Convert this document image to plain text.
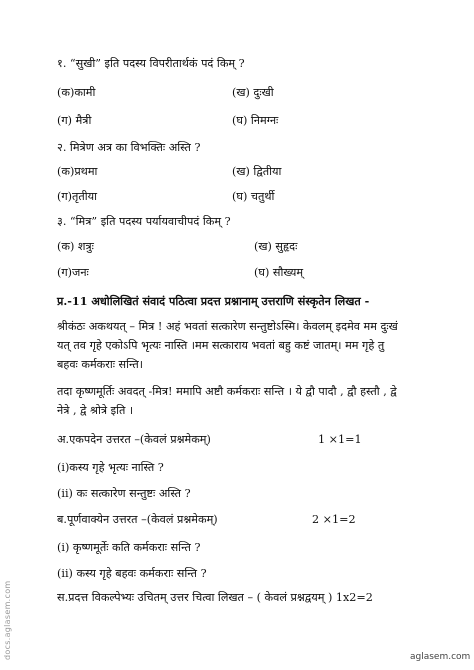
१. “सुखी” इति पदस्य विपरीतार्थकं पदं किम् ?
(क)कामी	(ख) दुःखी
(ग) मैत्री	(घ) निमग्नः
२. मित्रेण अत्र का विभक्तिः अस्ति ?
(क)प्रथमा	(ख) द्वितीया
(ग)तृतीया	(घ) चतुर्थी
३. “मित्र” इति पदस्य पर्यायवाचीपदं किम् ?
(क) शत्रुः	(ख) सुहृदः
(ग)जनः	(घ) सौख्यम्
प्र.-11 अधोलिखितं संवादं पठित्वा प्रदत्त प्रश्नानाम् उत्तराणि संस्कृतेन लिखत -
श्रीकंठः अकथयत् – मित्र ! अहं भवतां सत्कारेण सन्तुष्टोऽस्मि। केवलम् इदमेव मम दुःखं
यत् तव गृहे एकोऽपि भृत्यः नास्ति ।मम सत्काराय भवतां बहु कष्टं जातम्। मम गृहे तु
बहवः कर्मकराः सन्ति।
तदा कृष्णमूर्तिः अवदत् -मित्र! ममापि अष्टौ कर्मकराः सन्ति । ये द्वौ पादौ , द्वौ हस्तौ , द्वे
नेत्रे , द्वे श्रोत्रे इति ।
अ.एकपदेन उत्तरत –(केवलं प्रश्नमेकम्)	1 ×1=1
(i)कस्य गृहे भृत्यः नास्ति ?
(ii) कः सत्कारेण सन्तुष्टः अस्ति ?
ब.पूर्णवाक्येन उत्तरत –(केवलं प्रश्नमेकम्)	2 ×1=2
(i) कृष्णमूर्तेः कति कर्मकराः सन्ति ?
(ii) कस्य गृहे बहवः कर्मकराः सन्ति ?
स.प्रदत्त विकल्पेभ्यः उचितम् उत्तर चित्वा लिखत – ( केवलं प्रश्नद्वयम् ) 1x2=2
docs.aglasem.com	aglasem.com
